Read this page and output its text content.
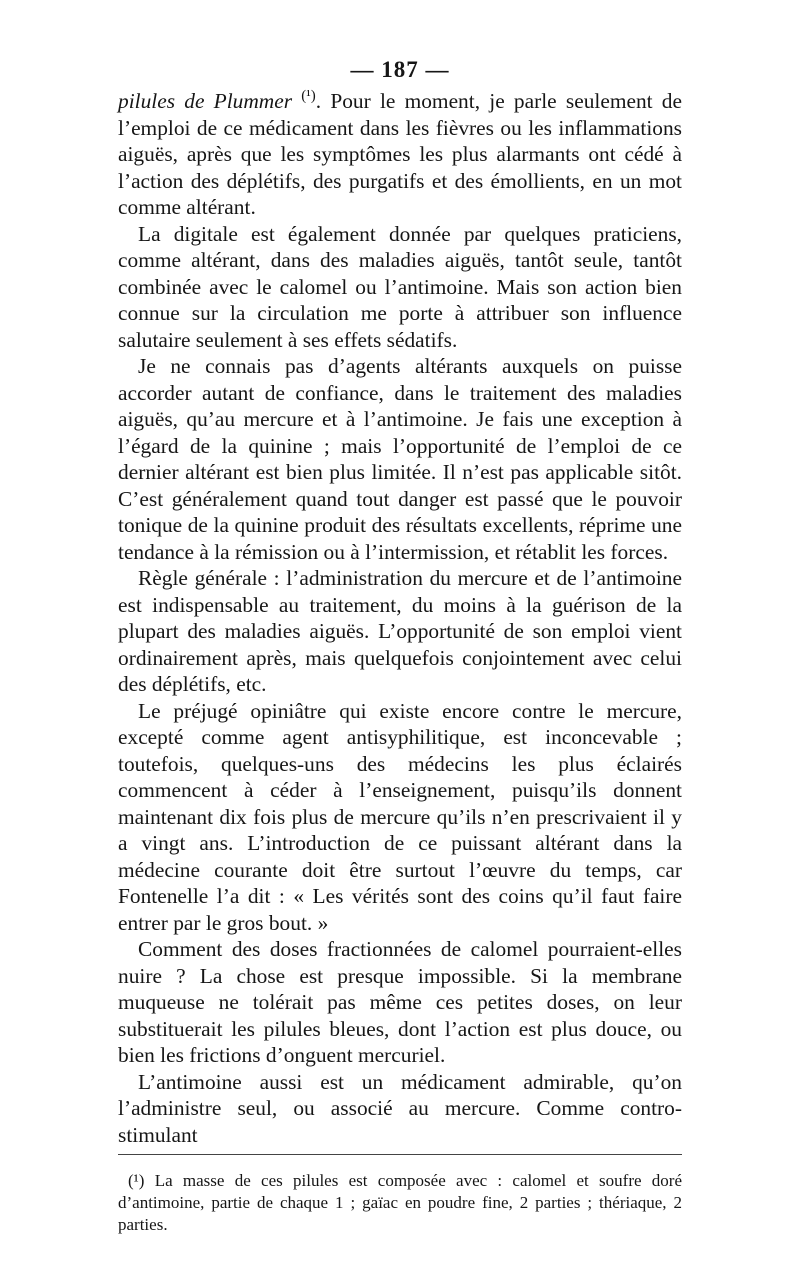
— 187 —

pilules de Plummer $^{(^1)}$. Pour le moment, je parle seulement de l’emploi de ce médicament dans les fièvres ou les inflammations aiguës, après que les symptômes les plus alarmants ont cédé à l’action des déplétifs, des purgatifs et des émollients, en un mot comme altérant.

La digitale est également donnée par quelques praticiens, comme altérant, dans des maladies aiguës, tantôt seule, tantôt combinée avec le calomel ou l’antimoine. Mais son action bien connue sur la circulation me porte à attribuer son influence salutaire seulement à ses effets sédatifs.

Je ne connais pas d’agents altérants auxquels on puisse accorder autant de confiance, dans le traitement des maladies aiguës, qu’au mercure et à l’antimoine. Je fais une exception à l’égard de la quinine ; mais l’opportunité de l’emploi de ce dernier altérant est bien plus limitée. Il n’est pas applicable sitôt. C’est généralement quand tout danger est passé que le pouvoir tonique de la quinine produit des résultats excellents, réprime une tendance à la rémission ou à l’intermission, et rétablit les forces.

Règle générale : l’administration du mercure et de l’antimoine est indispensable au traitement, du moins à la guérison de la plupart des maladies aiguës. L’opportunité de son emploi vient ordinairement après, mais quelquefois conjointement avec celui des déplétifs, etc.

Le préjugé opiniâtre qui existe encore contre le mercure, excepté comme agent antisyphilitique, est inconcevable ; toutefois, quelques-uns des médecins les plus éclairés commencent à céder à l’enseignement, puisqu’ils donnent maintenant dix fois plus de mercure qu’ils n’en prescrivaient il y a vingt ans. L’introduction de ce puissant altérant dans la médecine courante doit être surtout l’œuvre du temps, car Fontenelle l’a dit : « Les vérités sont des coins qu’il faut faire entrer par le gros bout. »

Comment des doses fractionnées de calomel pourraient-elles nuire ? La chose est presque impossible. Si la membrane muqueuse ne tolérait pas même ces petites doses, on leur substituerait les pilules bleues, dont l’action est plus douce, ou bien les frictions d’onguent mercuriel.

L’antimoine aussi est un médicament admirable, qu’on l’administre seul, ou associé au mercure. Comme contro-stimulant

(¹) La masse de ces pilules est composée avec : calomel et soufre doré d’antimoine, partie de chaque 1 ; gaïac en poudre fine, 2 parties ; thériaque, 2 parties.
